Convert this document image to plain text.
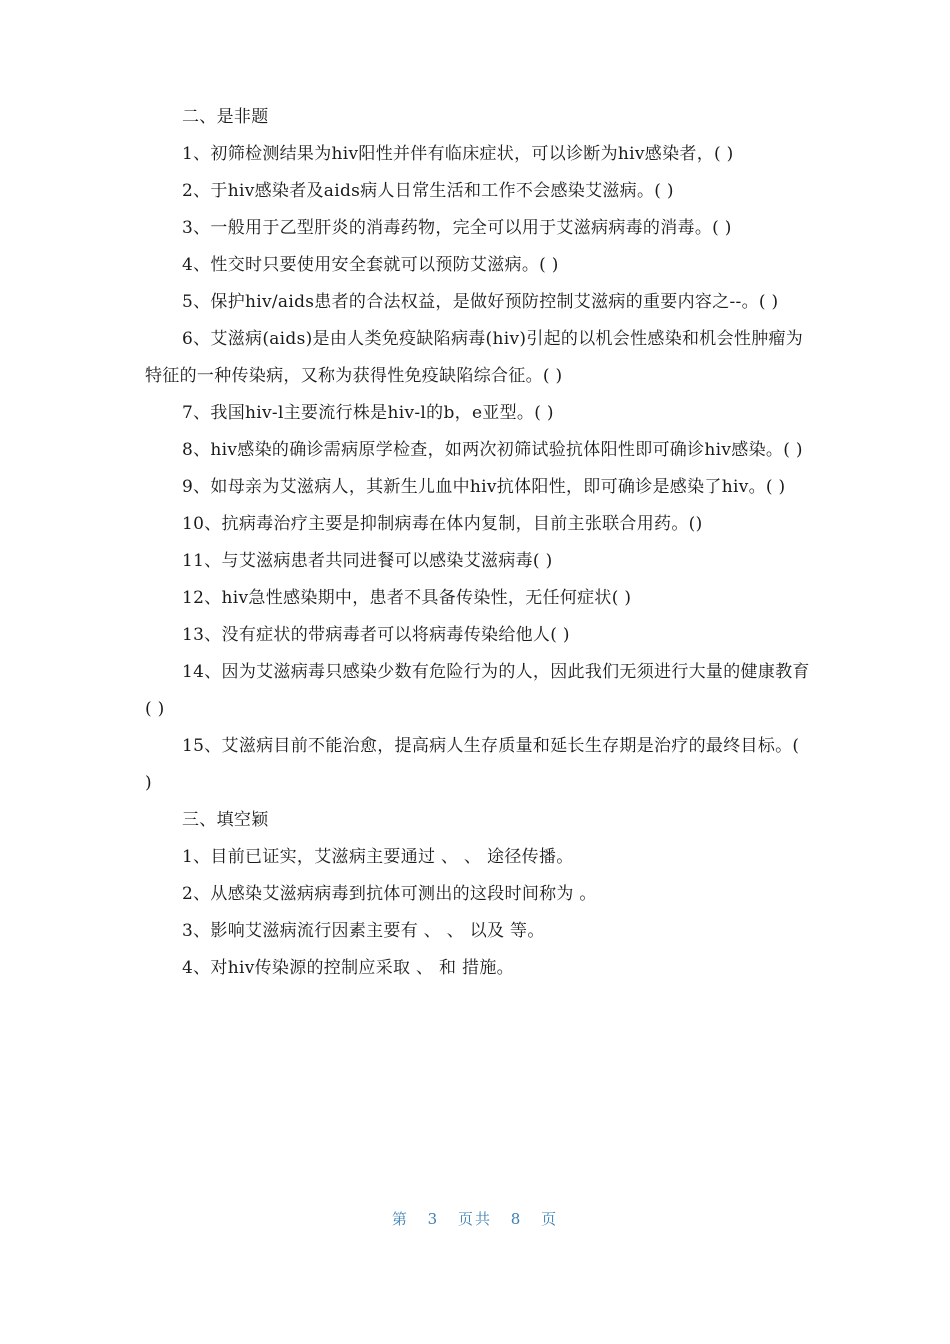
二、是非题

1、初筛检测结果为hiv阳性并伴有临床症状，可以诊断为hiv感染者，( )

2、于hiv感染者及aids病人日常生活和工作不会感染艾滋病。( )

3、一般用于乙型肝炎的消毒药物，完全可以用于艾滋病病毒的消毒。( )

4、性交时只要使用安全套就可以预防艾滋病。( )

5、保护hiv/aids患者的合法权益，是做好预防控制艾滋病的重要内容之--。( )

6、艾滋病(aids)是由人类免疫缺陷病毒(hiv)引起的以机会性感染和机会性肿瘤为特征的一种传染病，又称为获得性免疫缺陷综合征。( )

7、我国hiv-l主要流行株是hiv-l的b，e亚型。( )

8、hiv感染的确诊需病原学检查，如两次初筛试验抗体阳性即可确诊hiv感染。( )

9、如母亲为艾滋病人，其新生儿血中hiv抗体阳性，即可确诊是感染了hiv。( )

10、抗病毒治疗主要是抑制病毒在体内复制，目前主张联合用药。()

11、与艾滋病患者共同进餐可以感染艾滋病毒( )

12、hiv急性感染期中，患者不具备传染性，无任何症状( )

13、没有症状的带病毒者可以将病毒传染给他人( )

14、因为艾滋病毒只感染少数有危险行为的人，因此我们无须进行大量的健康教育( )

15、艾滋病目前不能治愈，提高病人生存质量和延长生存期是治疗的最终目标。( )

三、填空颖

1、目前已证实，艾滋病主要通过 、 、 途径传播。

2、从感染艾滋病病毒到抗体可测出的这段时间称为 。

3、影响艾滋病流行因素主要有 、 、 以及 等。

4、对hiv传染源的控制应采取 、 和 措施。

第 3 页共 8 页
